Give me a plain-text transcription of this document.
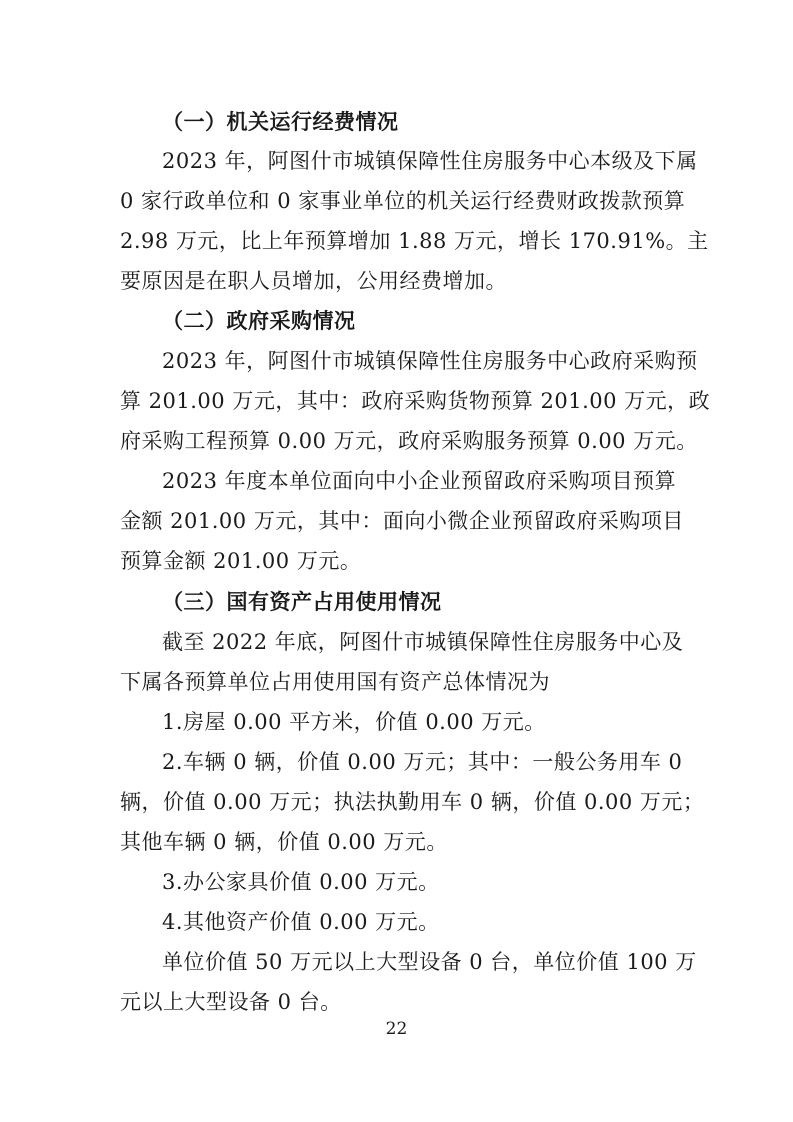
（一）机关运行经费情况
2023 年，阿图什市城镇保障性住房服务中心本级及下属
0 家行政单位和 0 家事业单位的机关运行经费财政拨款预算
2.98 万元，比上年预算增加 1.88 万元，增长 170.91%。主
要原因是在职人员增加，公用经费增加。
（二）政府采购情况
2023 年，阿图什市城镇保障性住房服务中心政府采购预
算 201.00 万元，其中：政府采购货物预算 201.00 万元，政
府采购工程预算 0.00 万元，政府采购服务预算 0.00 万元。
2023 年度本单位面向中小企业预留政府采购项目预算
金额 201.00 万元，其中：面向小微企业预留政府采购项目
预算金额 201.00 万元。
（三）国有资产占用使用情况
截至 2022 年底，阿图什市城镇保障性住房服务中心及
下属各预算单位占用使用国有资产总体情况为
1.房屋 0.00 平方米，价值 0.00 万元。
2.车辆 0 辆，价值 0.00 万元；其中：一般公务用车 0
辆，价值 0.00 万元；执法执勤用车 0 辆，价值 0.00 万元；
其他车辆 0 辆，价值 0.00 万元。
3.办公家具价值 0.00 万元。
4.其他资产价值 0.00 万元。
单位价值 50 万元以上大型设备 0 台，单位价值 100 万
元以上大型设备 0 台。
22
